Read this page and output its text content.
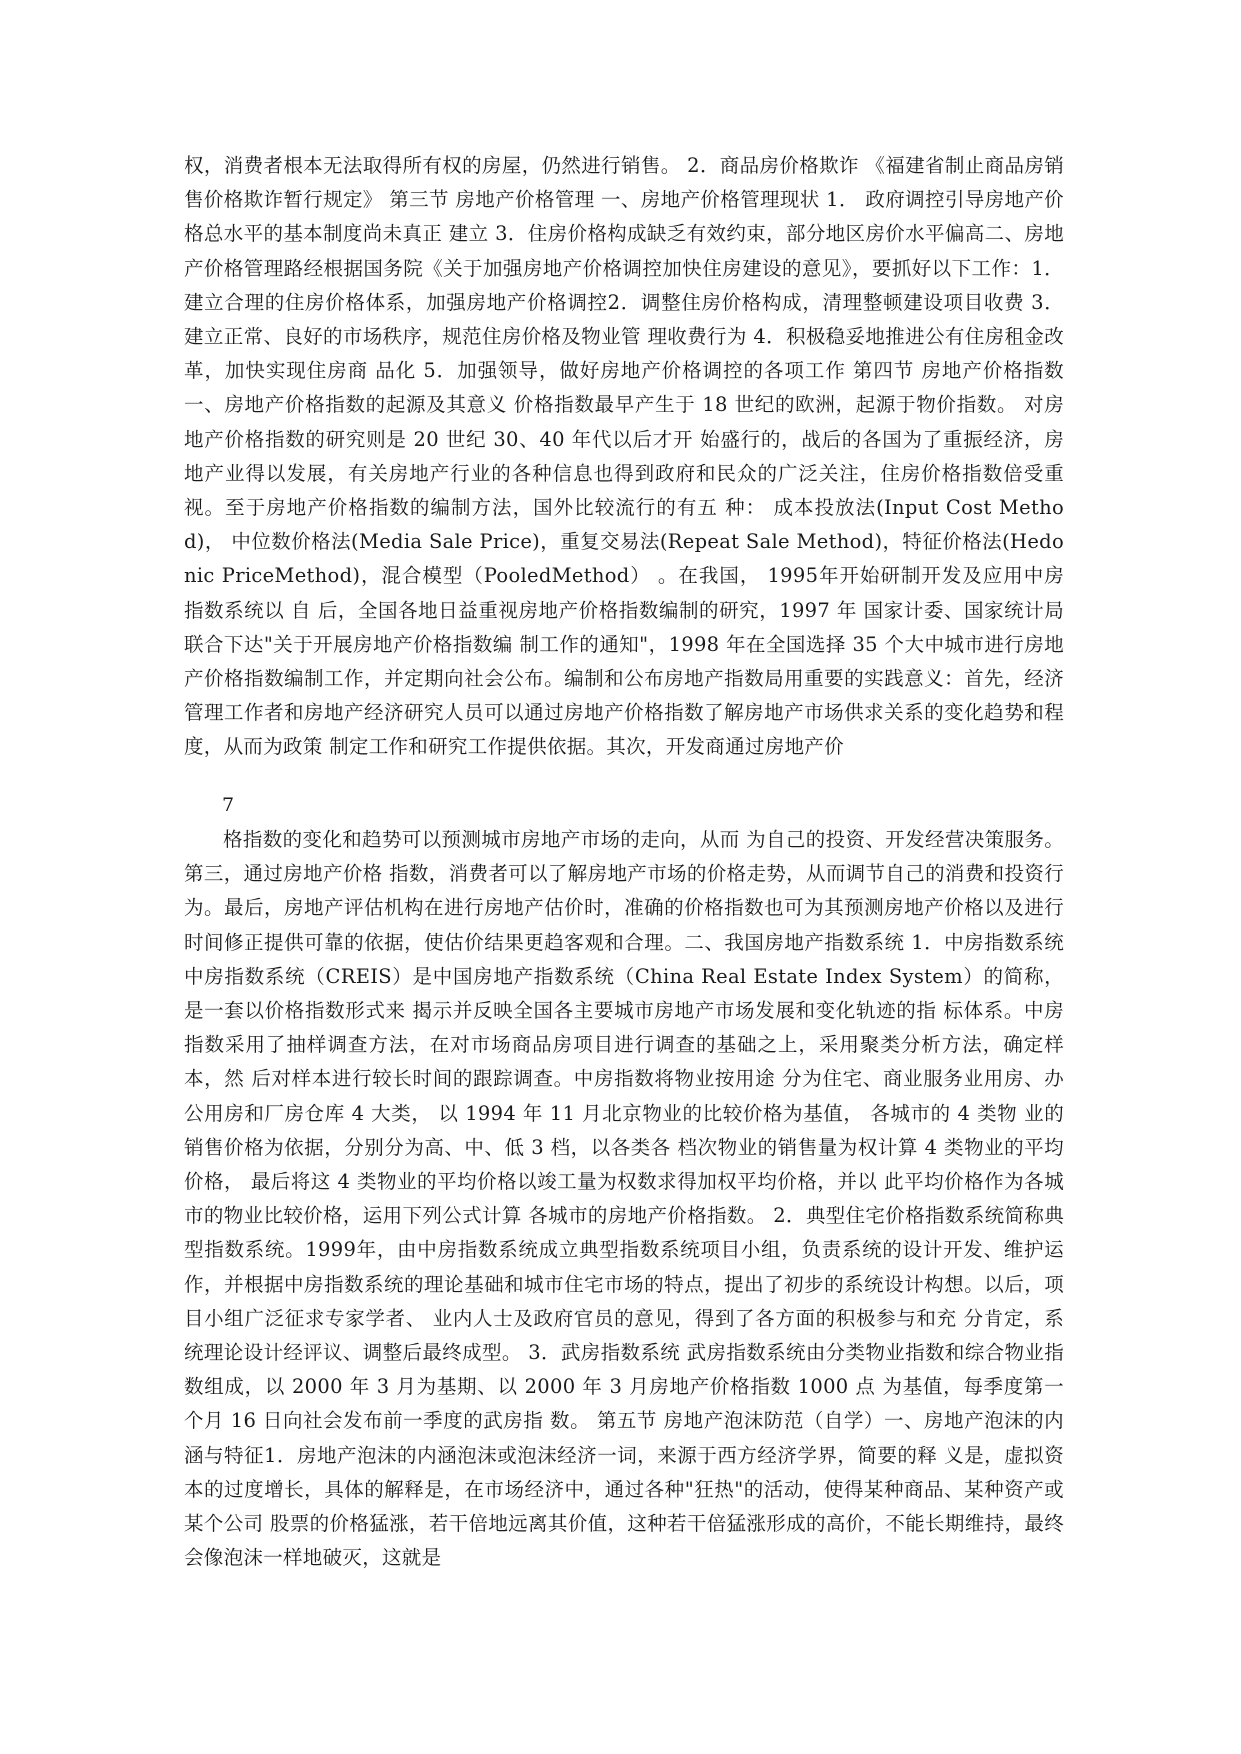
权，消费者根本无法取得所有权的房屋，仍然进行销售。 2．商品房价格欺诈 《福建省制止商品房销售价格欺诈暂行规定》 第三节 房地产价格管理 一、房地产价格管理现状 1． 政府调控引导房地产价格总水平的基本制度尚未真正 建立 3．住房价格构成缺乏有效约束，部分地区房价水平偏高二、房地产价格管理路经根据国务院《关于加强房地产价格调控加快住房建设的意见》，要抓好以下工作：1．建立合理的住房价格体系，加强房地产价格调控2．调整住房价格构成，清理整顿建设项目收费 3．建立正常、良好的市场秩序，规范住房价格及物业管 理收费行为 4．积极稳妥地推进公有住房租金改革，加快实现住房商 品化 5．加强领导，做好房地产价格调控的各项工作 第四节 房地产价格指数 一、房地产价格指数的起源及其意义 价格指数最早产生于 18 世纪的欧洲，起源于物价指数。 对房地产价格指数的研究则是 20 世纪 30、40 年代以后才开 始盛行的，战后的各国为了重振经济，房地产业得以发展，有关房地产行业的各种信息也得到政府和民众的广泛关注，住房价格指数倍受重视。至于房地产价格指数的编制方法，国外比较流行的有五 种： 成本投放法(Input Cost Method)， 中位数价格法(Media Sale Price)，重复交易法(Repeat Sale Method)，特征价格法(Hedonic PriceMethod)，混合模型（PooledMethod） 。在我国， 1995年开始研制开发及应用中房指数系统以 自 后，全国各地日益重视房地产价格指数编制的研究，1997 年 国家计委、国家统计局联合下达"关于开展房地产价格指数编 制工作的通知"，1998 年在全国选择 35 个大中城市进行房地产价格指数编制工作，并定期向社会公布。编制和公布房地产指数局用重要的实践意义：首先，经济管理工作者和房地产经济研究人员可以通过房地产价格指数了解房地产市场供求关系的变化趋势和程度，从而为政策 制定工作和研究工作提供依据。其次，开发商通过房地产价
7
格指数的变化和趋势可以预测城市房地产市场的走向，从而 为自己的投资、开发经营决策服务。第三，通过房地产价格 指数，消费者可以了解房地产市场的价格走势，从而调节自己的消费和投资行为。最后，房地产评估机构在进行房地产估价时，准确的价格指数也可为其预测房地产价格以及进行时间修正提供可靠的依据，使估价结果更趋客观和合理。二、我国房地产指数系统 1．中房指数系统 中房指数系统（CREIS）是中国房地产指数系统（China Real Estate Index System）的简称，是一套以价格指数形式来 揭示并反映全国各主要城市房地产市场发展和变化轨迹的指 标体系。中房指数采用了抽样调查方法，在对市场商品房项目进行调查的基础之上，采用聚类分析方法，确定样本，然 后对样本进行较长时间的跟踪调查。中房指数将物业按用途 分为住宅、商业服务业用房、办公用房和厂房仓库 4 大类， 以 1994 年 11 月北京物业的比较价格为基值， 各城市的 4 类物 业的销售价格为依据，分别分为高、中、低 3 档，以各类各 档次物业的销售量为权计算 4 类物业的平均价格， 最后将这 4 类物业的平均价格以竣工量为权数求得加权平均价格，并以 此平均价格作为各城市的物业比较价格，运用下列公式计算 各城市的房地产价格指数。 2．典型住宅价格指数系统简称典型指数系统。1999年，由中房指数系统成立典型指数系统项目小组，负责系统的设计开发、维护运作，并根据中房指数系统的理论基础和城市住宅市场的特点，提出了初步的系统设计构想。以后，项目小组广泛征求专家学者、 业内人士及政府官员的意见，得到了各方面的积极参与和充 分肯定，系统理论设计经评议、调整后最终成型。 3．武房指数系统 武房指数系统由分类物业指数和综合物业指数组成，以 2000 年 3 月为基期、以 2000 年 3 月房地产价格指数 1000 点 为基值，每季度第一个月 16 日向社会发布前一季度的武房指 数。 第五节 房地产泡沫防范（自学）一、房地产泡沫的内涵与特征1．房地产泡沫的内涵泡沫或泡沫经济一词，来源于西方经济学界，简要的释 义是，虚拟资本的过度增长，具体的解释是，在市场经济中，通过各种"狂热"的活动，使得某种商品、某种资产或某个公司 股票的价格猛涨，若干倍地远离其价值，这种若干倍猛涨形成的高价，不能长期维持，最终会像泡沫一样地破灭，这就是
